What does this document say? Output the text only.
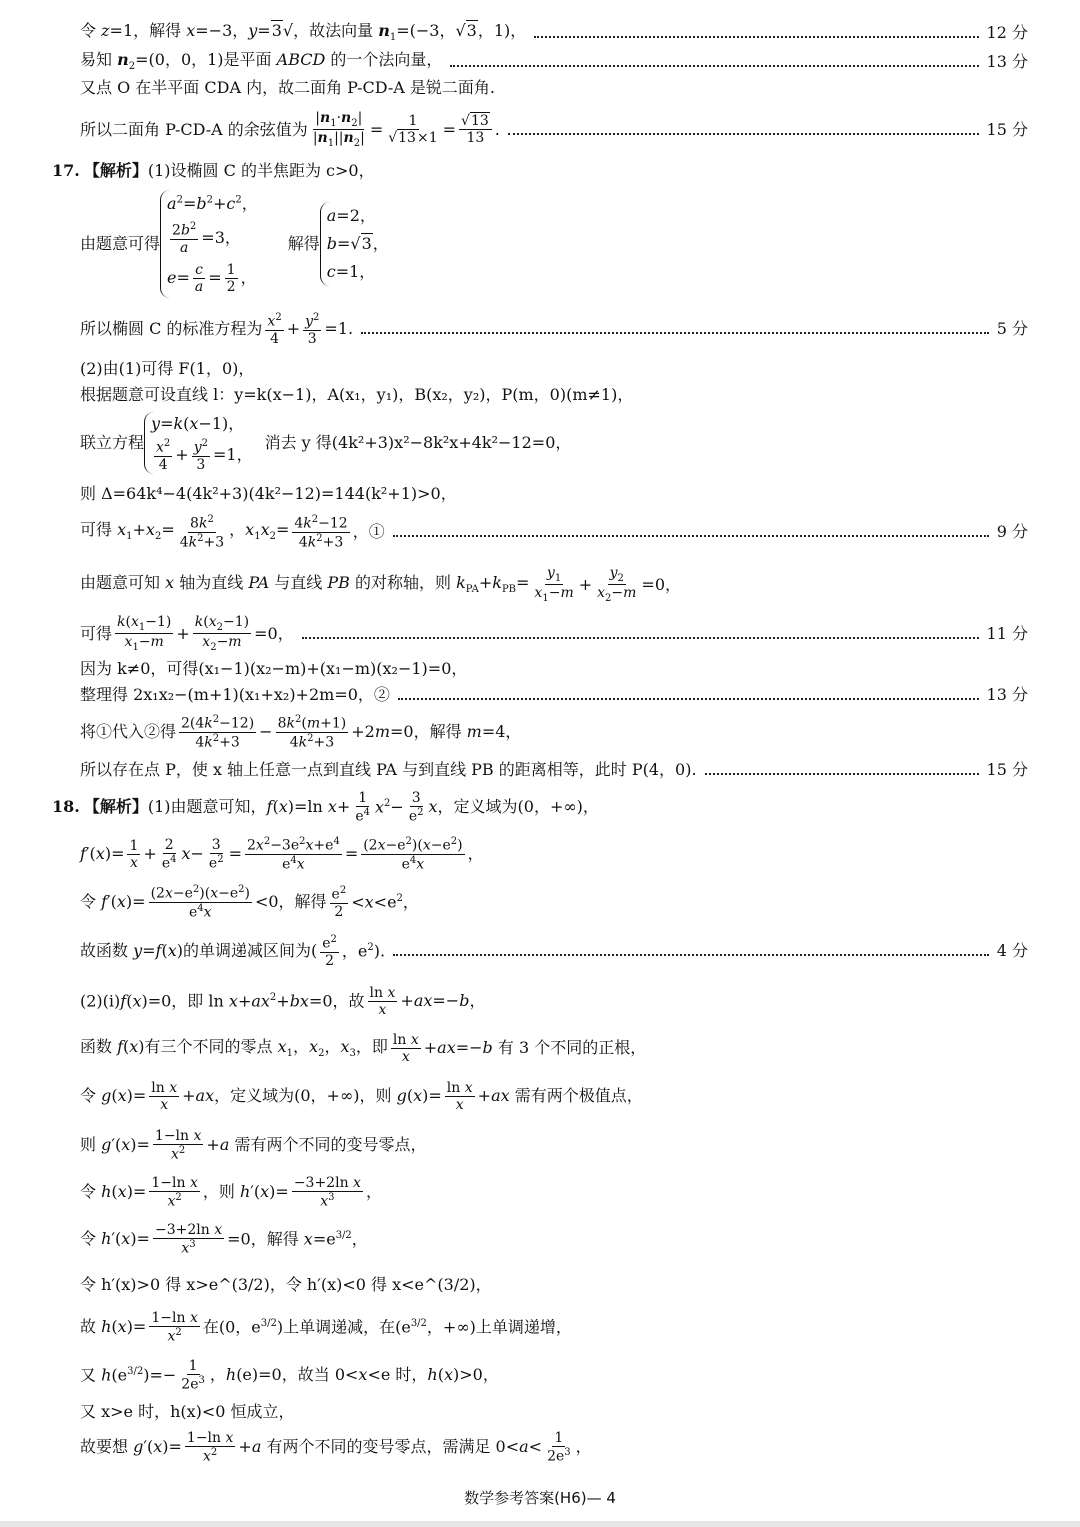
令 z=1，解得 x=−3，y=3√，故法向量 $n_1=(-3$，√3，1)，	12 分
易知 $n_2=(0$，0，1)是平面 ABCD 的一个法向量，	13 分
又点 O 在半平面 CDA 内，故二面角 P-CD-A 是锐二面角.
所以二面角 P-CD-A 的余弦值为 $\frac{|n_1\cdot n_2|}{|n_1||n_2|} = \frac{1}{√13\times 1} = \frac{√13}{13}$ .	15 分
17. 【解析】 (1)设椭圆 C 的半焦距为 c>0，
由题意可得
$a^2=b^2+c^2$，
$\frac{2b^2}{a} =3$，
$e= \frac{c}{a} = \frac{1}{2}$ ，
解得
a=2，
b=√3，
c=1，
所以椭圆 C 的标准方程为 $\frac{x^2}{4} + \frac{y^2}{3} =1$.	5 分
(2)由(1)可得 F(1，0)，
根据题意可设直线 l：y=k(x−1)，A(x₁，y₁)，B(x₂，y₂)，P(m，0)(m≠1)，
联立方程
y=k(x−1)，
$\frac{x^2}{4} + \frac{y^2}{3} =1$，
消去 y 得(4k²+3)x²−8k²x+4k²−12=0，
则 Δ=64k⁴−4(4k²+3)(4k²−12)=144(k²+1)>0，
可得 $x_1+x_2= \frac{8k^2}{4k^2+3}$ ，$x_1x_2= \frac{4k^2-12}{4k^2+3}$ ，①	9 分
由题意可知 x 轴为直线 PA 与直线 PB 的对称轴，则 $k_{PA}+k_{PB}= \frac{y_1}{x_1-m} + \frac{y_2}{x_2-m} =0$，
可得 $\frac{k(x_1-1)}{x_1-m} + \frac{k(x_2-1)}{x_2-m} =0$，	11 分
因为 k≠0，可得(x₁−1)(x₂−m)+(x₁−m)(x₂−1)=0，
整理得 2x₁x₂−(m+1)(x₁+x₂)+2m=0，②	13 分
将①代入②得 $\frac{2(4k^2-12)}{4k^2+3} - \frac{8k^2(m+1)}{4k^2+3} +2m=0$，解得 m=4，
所以存在点 P，使 x 轴上任意一点到直线 PA 与到直线 PB 的距离相等，此时 P(4，0).	15 分
18. 【解析】 (1)由题意可知，f(x)=ln $x+ \frac{1}{e^4} x^2- \frac{3}{e^2}$ x，定义域为(0，+∞)，
$f'(x)= \frac{1}{x} + \frac{2}{e^4} x- \frac{3}{e^2} = \frac{2x^2-3e^2x+e^4}{e^4x} = \frac{(2x-e^2)(x-e^2)}{e^4x}$ ，
令 $f'(x)= \frac{(2x-e^2)(x-e^2)}{e^4x} <0$，解得 $\frac{e^2}{2} <x<e^2$，
故函数 y=f(x)的单调递减区间为( $\frac{e^2}{2}$ ，$e^2$).	4 分
(2)(ⅰ)f(x)=0，即 $\ln x+ax^2+bx=0$，故 $\frac{\text{ln x}}{x} +ax=-b$，
函数 f(x)有三个不同的零点 $x_1$，$x_2$，$x_3$，即 $\frac{\text{ln x}}{x} +ax=-b$ 有 3 个不同的正根，
令 $g(x)= \frac{\text{ln x}}{x} +ax$，定义域为(0，+∞)，则 $g(x)= \frac{\text{ln x}}{x} +ax$ 需有两个极值点，
则 $g'(x)= \frac{\text{1−ln x}}{x^2} +a$ 需有两个不同的变号零点，
令 $h(x)= \frac{\text{1−ln x}}{x^2}$ ，则 $h'(x)= \frac{\text{−3+2ln x}}{x^3}$ ，
令 $h'(x)= \frac{\text{−3+2ln x}}{x^3} =0$，解得 $x=e^{3/2}$，
令 h′(x)>0 得 x>e^(3/2)，令 h′(x)<0 得 x<e^(3/2)，
故 $h(x)= \frac{\text{1−ln x}}{x^2}$ 在(0，$e^{3/2}$)上单调递减，在($e^{3/2}$，+∞)上单调递增，
又 $h(e^{3/2})=- \frac{1}{2e^3}$ ，h(e)=0，故当 0<x<e 时，h(x)>0，
又 x>e 时，h(x)<0 恒成立，
故要想 $g'(x)= \frac{\text{1−ln x}}{x^2} +a$ 有两个不同的变号零点，需满足 $0<a< \frac{1}{2e^3}$ ，
数学参考答案(H6)— 4
